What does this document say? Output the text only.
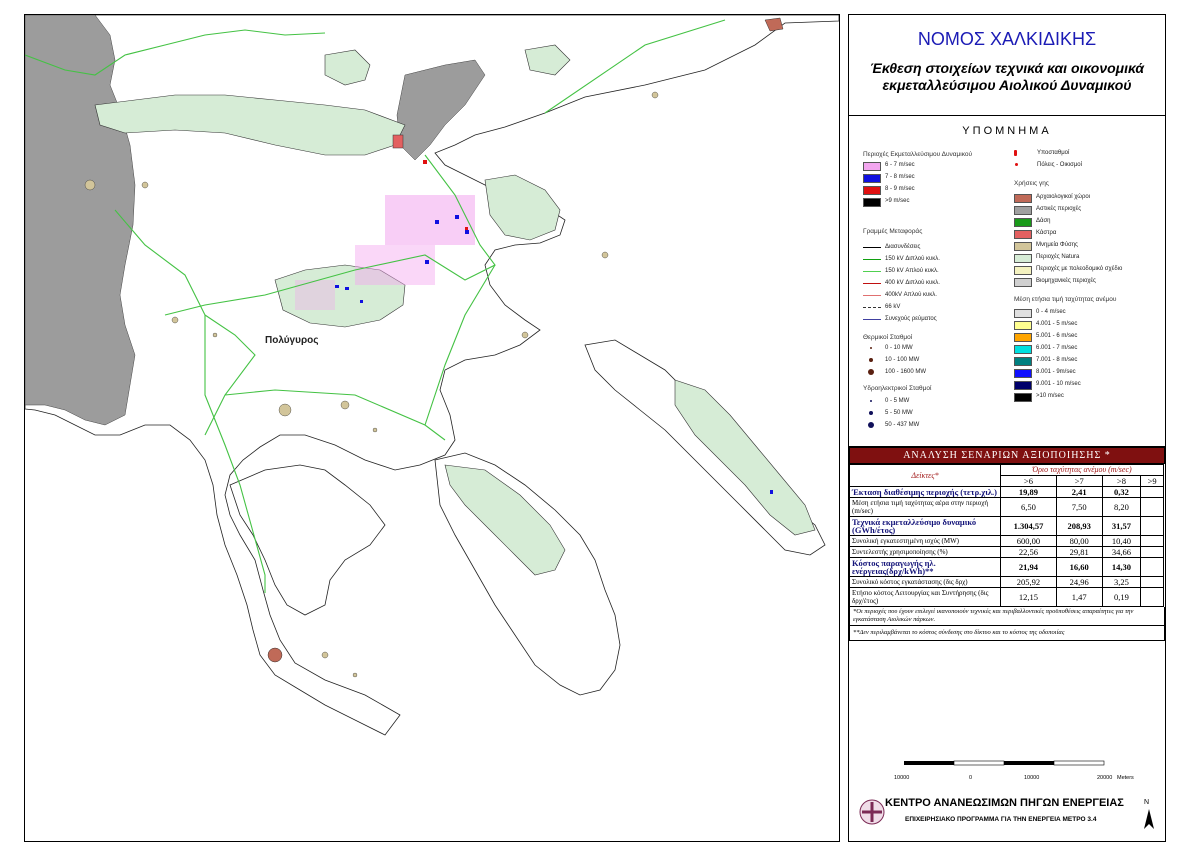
Πολύγυρος
ΝΟΜΟΣ ΧΑΛΚΙΔΙΚΗΣ
Έκθεση στοιχείων τεχνικά και οικονομικά εκμεταλλεύσιμου Αιολικού Δυναμικού
ΥΠΟΜΝΗΜΑ
Περιοχές Εκμεταλλεύσιμου Δυναμικού
6 - 7 m/sec
7 - 8 m/sec
8 - 9 m/sec
>9 m/sec
Γραμμές Μεταφοράς
Διασυνδέσεις
150 kV Διπλού κυκλ.
150 kV Απλού κυκλ.
400 kV Διπλού κυκλ.
400kV Απλού κυκλ.
66 kV
Συνεχούς ρεύματος
Θερμικοί Σταθμοί
0 - 10 MW
10 - 100 MW
100 - 1600 MW
Υδροηλεκτρικοί Σταθμοί
0 - 5 MW
5 - 50 MW
50 - 437 MW
Υποσταθμοί
Πόλεις - Οικισμοί
Χρήσεις γης
Αρχαιολογικοί χώροι
Αστικές περιοχές
Δάση
Κάστρα
Μνημεία Φύσης
Περιοχές Natura
Περιοχές με πολεοδομικό σχέδιο
Βιομηχανικές περιοχές
Μέση ετήσια τιμή ταχύτητας ανέμου
0 - 4 m/sec
4.001 - 5 m/sec
5.001 - 6 m/sec
6.001 - 7 m/sec
7.001 - 8 m/sec
8.001 - 9m/sec
9.001 - 10 m/sec
>10 m/sec
ΑΝΑΛΥΣΗ ΣΕΝΑΡΙΩΝ ΑΞΙΟΠΟΙΗΣΗΣ *
Δείκτες*	Όριο ταχύτητας ανέμου (m/sec)			
	>6	>7	>8	>9
Έκταση διαθέσιμης περιοχής (τετρ.χιλ.)	19,89	2,41	0,32	
Μέση ετήσια τιμή ταχύτητας αέρα στην περιοχή (m/sec)	6,50	7,50	8,20	
Τεχνικά εκμεταλλεύσιμο δυναμικό (GWh/έτος)	1.304,57	208,93	31,57	
Συνολική εγκατεστημένη ισχύς (MW)	600,00	80,00	10,40	
Συντελεστής χρησιμοποίησης (%)	22,56	29,81	34,66	
Κόστος παραγωγής ηλ. ενέργειας(δρχ/kWh)**	21,94	16,60	14,30	
Συνολικό κόστος εγκατάστασης (δις δρχ)	205,92	24,96	3,25	
Ετήσιο κόστος Λειτουργίας και Συντήρησης (δις δρχ/έτος)	12,15	1,47	0,19	
*Οι περιοχές που έχουν επιλεγεί ικανοποιούν τεχνικές και περιβαλλοντικές προϋποθέσεις απαραίτητες για την εγκατάσταση Αιολικών πάρκων.
**Δεν περιλαμβάνεται το κόστος σύνδεσης στο δίκτυο και το κόστος της οδοποιίας
10000	0	10000	20000 Meters
ΚΕΝΤΡΟ ΑΝΑΝΕΩΣΙΜΩΝ ΠΗΓΩΝ ΕΝΕΡΓΕΙΑΣ
ΕΠΙΧΕΙΡΗΣΙΑΚΟ ΠΡΟΓΡΑΜΜΑ ΓΙΑ ΤΗΝ ΕΝΕΡΓΕΙΑ ΜΕΤΡΟ 3.4
N
